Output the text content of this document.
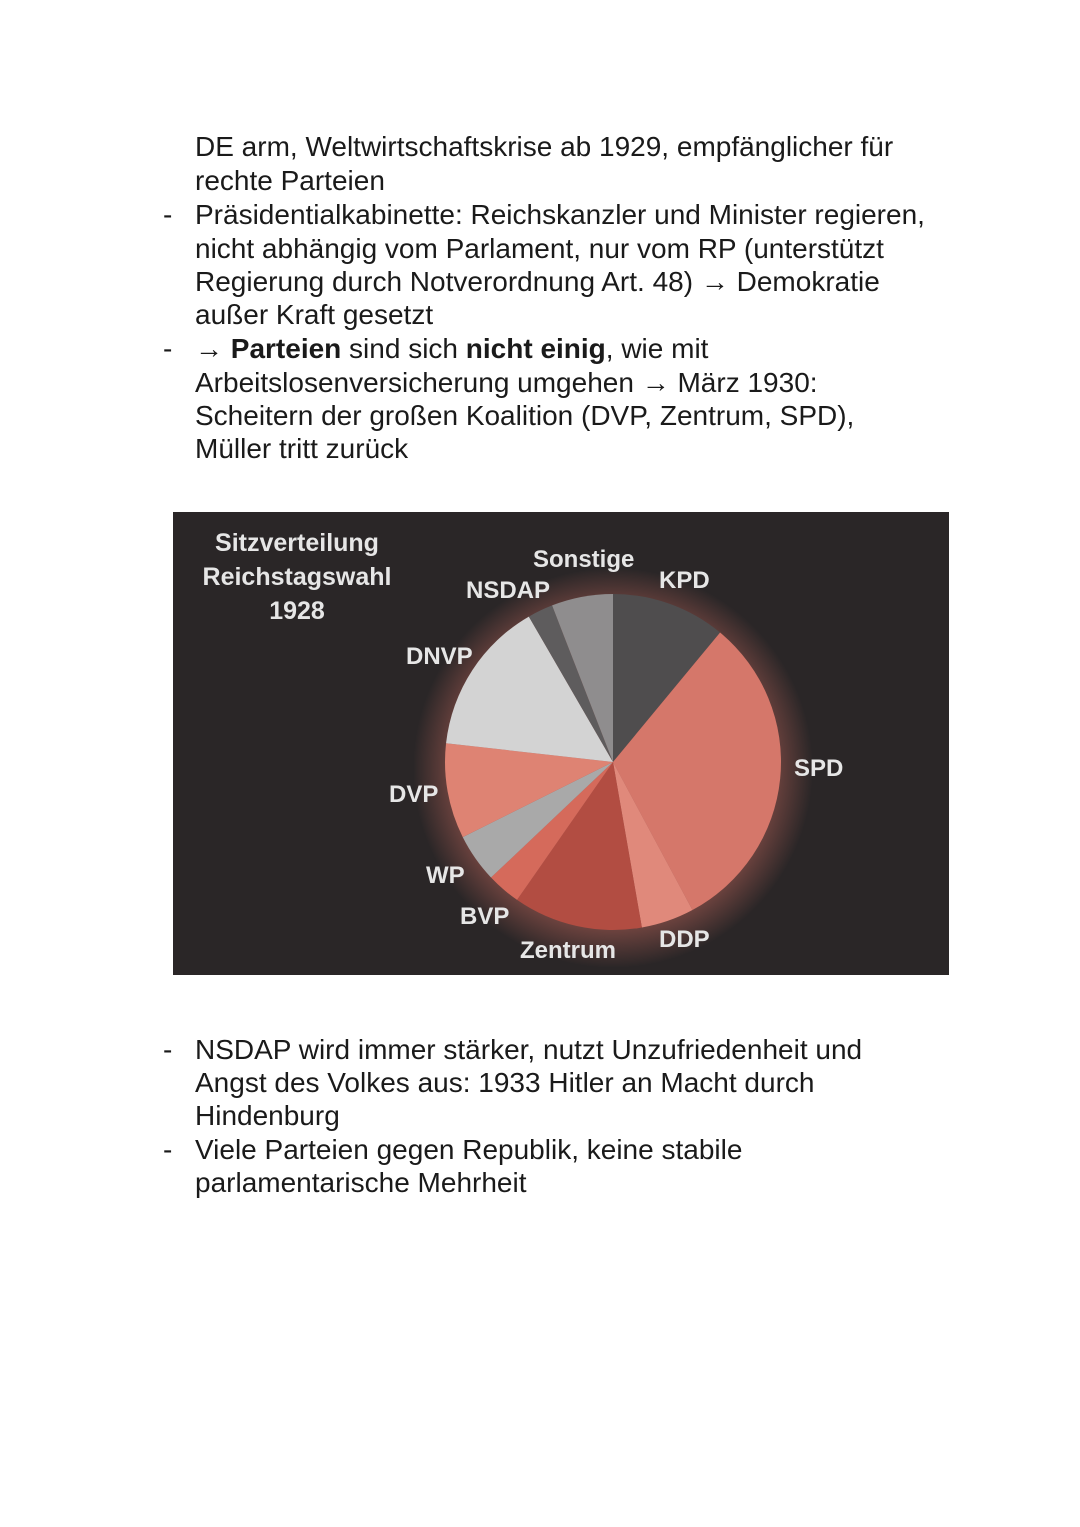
DE arm, Weltwirtschaftskrise ab 1929, empfänglicher für
rechte Parteien
- Präsidentialkabinette: Reichskanzler und Minister regieren,
nicht abhängig vom Parlament, nur vom RP (unterstützt
Regierung durch Notverordnung Art. 48) → Demokratie
außer Kraft gesetzt
- → Parteien sind sich nicht einig, wie mit
Arbeitslosenversicherung umgehen → März 1930:
Scheitern der großen Koalition (DVP, Zentrum, SPD),
Müller tritt zurück
Sitzverteilung
Reichstagswahl
1928
Sonstige
KPD
NSDAP
DNVP
SPD
DVP
WP
BVP
DDP
Zentrum
- NSDAP wird immer stärker, nutzt Unzufriedenheit und
Angst des Volkes aus: 1933 Hitler an Macht durch
Hindenburg
- Viele Parteien gegen Republik, keine stabile
parlamentarische Mehrheit
